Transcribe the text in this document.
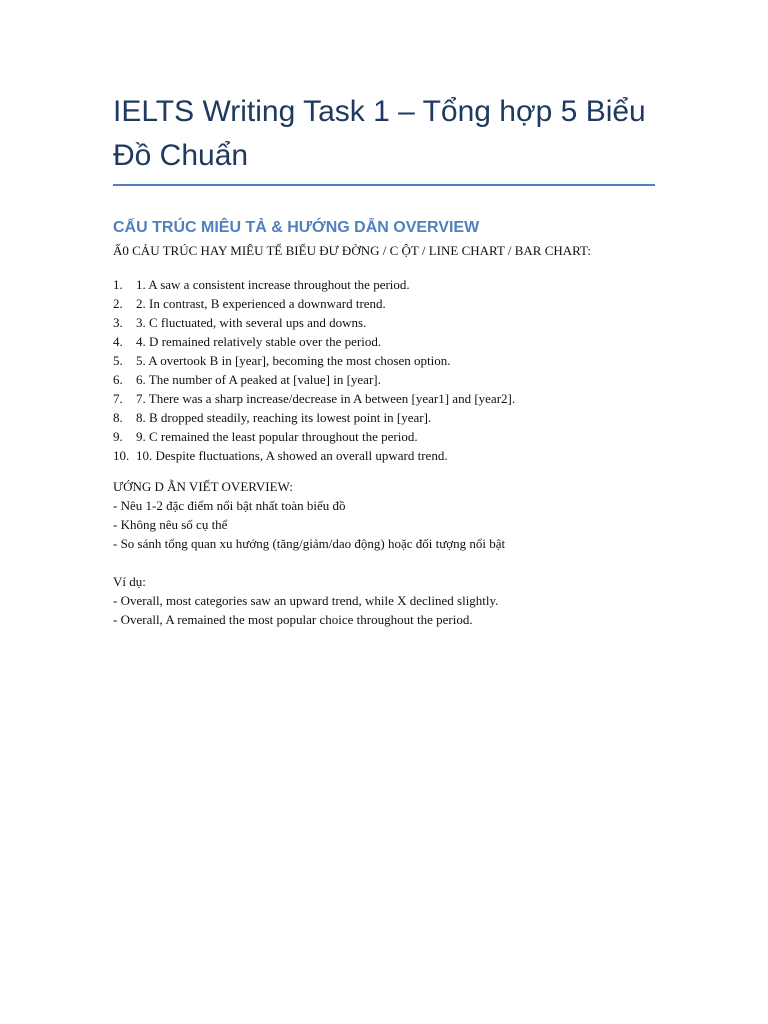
IELTS Writing Task 1 – Tổng hợp 5 Biểu Đồ Chuẩn
CẤU TRÚC MIÊU TẢ & HƯỚNG DẪN OVERVIEW
Ấ0 CẢU TRÚC HAY MIÊU TỂ BIỂU ĐƯ ĐỜNG / C ỘT / LINE CHART / BAR CHART:
1.	1. A saw a consistent increase throughout the period.
2.	2. In contrast, B experienced a downward trend.
3.	3. C fluctuated, with several ups and downs.
4.	4. D remained relatively stable over the period.
5.	5. A overtook B in [year], becoming the most chosen option.
6.	6. The number of A peaked at [value] in [year].
7.	7. There was a sharp increase/decrease in A between [year1] and [year2].
8.	8. B dropped steadily, reaching its lowest point in [year].
9.	9. C remained the least popular throughout the period.
10. 10. Despite fluctuations, A showed an overall upward trend.
ƯỚNG D ẪN VIẾT OVERVIEW:
- Nêu 1-2 đặc điểm nổi bật nhất toàn biểu đồ
- Không nêu số cụ thể
- So sánh tổng quan xu hướng (tăng/giảm/dao động) hoặc đối tượng nổi bật
Ví dụ:
- Overall, most categories saw an upward trend, while X declined slightly.
- Overall, A remained the most popular choice throughout the period.
